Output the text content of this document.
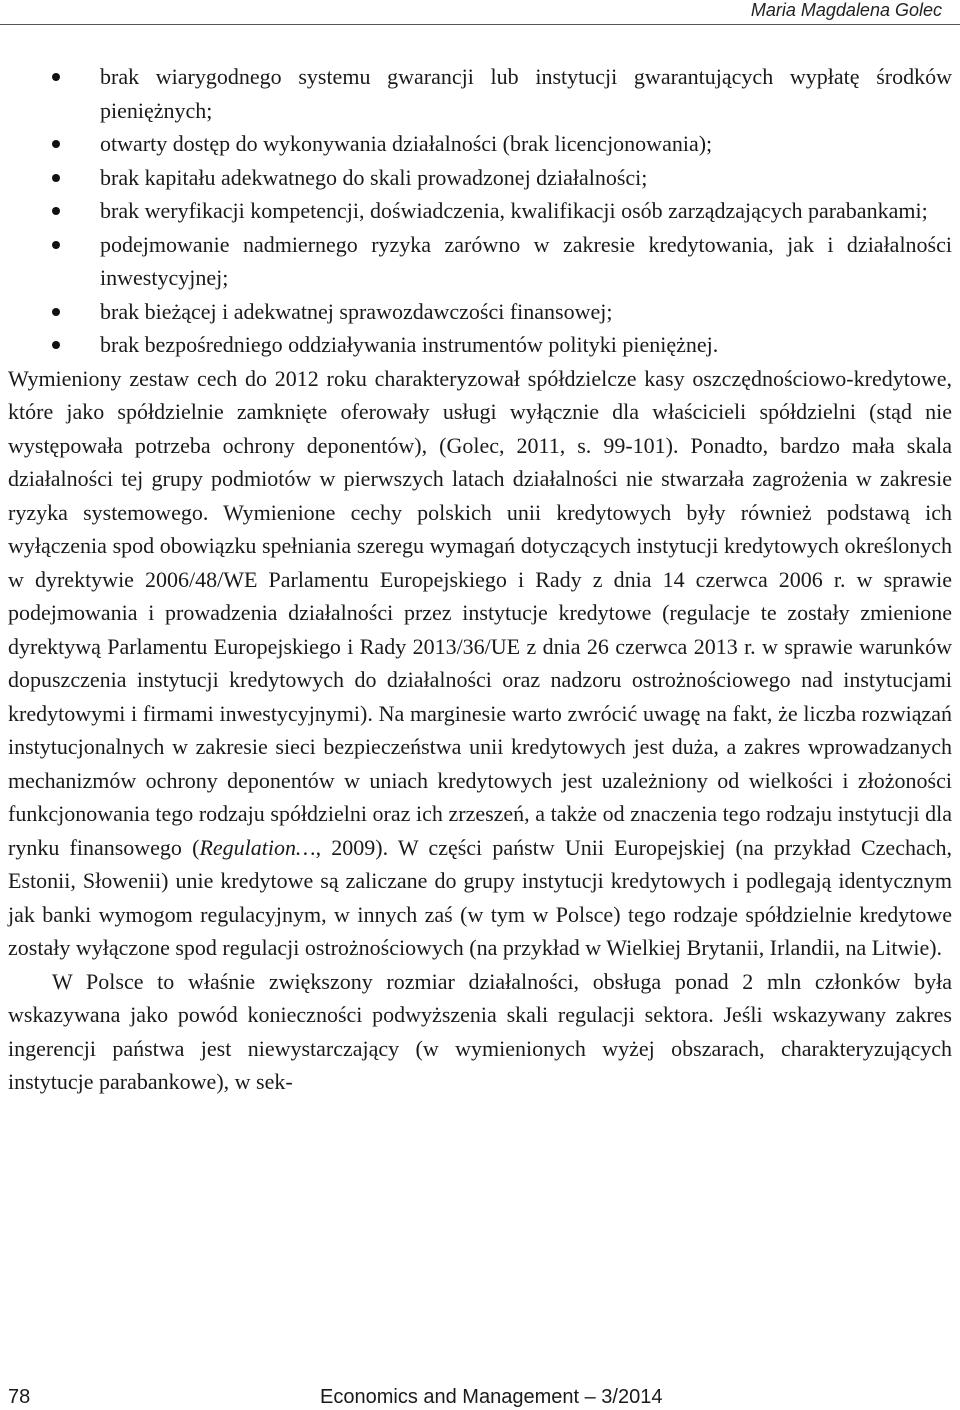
Maria Magdalena Golec
brak wiarygodnego systemu gwarancji lub instytucji gwarantujących wypłatę środków pieniężnych;
otwarty dostęp do wykonywania działalności (brak licencjonowania);
brak kapitału adekwatnego do skali prowadzonej działalności;
brak weryfikacji kompetencji, doświadczenia, kwalifikacji osób zarządzających parabankami;
podejmowanie nadmiernego ryzyka zarówno w zakresie kredytowania, jak i działalności inwestycyjnej;
brak bieżącej i adekwatnej sprawozdawczości finansowej;
brak bezpośredniego oddziaływania instrumentów polityki pieniężnej.

Wymieniony zestaw cech do 2012 roku charakteryzował spółdzielcze kasy oszczędnościowo-kredytowe, które jako spółdzielnie zamknięte oferowały usługi wyłącznie dla właścicieli spółdzielni (stąd nie występowała potrzeba ochrony deponentów), (Golec, 2011, s. 99-101). Ponadto, bardzo mała skala działalności tej grupy podmiotów w pierwszych latach działalności nie stwarzała zagrożenia w zakresie ryzyka systemowego. Wymienione cechy polskich unii kredytowych były również podstawą ich wyłączenia spod obowiązku spełniania szeregu wymagań dotyczących instytucji kredytowych określonych w dyrektywie 2006/48/WE Parlamentu Europejskiego i Rady z dnia 14 czerwca 2006 r. w sprawie podejmowania i prowadzenia działalności przez instytucje kredytowe (regulacje te zostały zmienione dyrektywą Parlamentu Europejskiego i Rady 2013/36/UE z dnia 26 czerwca 2013 r. w sprawie warunków dopuszczenia instytucji kredytowych do działalności oraz nadzoru ostrożnościowego nad instytucjami kredytowymi i firmami inwestycyjnymi). Na marginesie warto zwrócić uwagę na fakt, że liczba rozwiązań instytucjonalnych w zakresie sieci bezpieczeństwa unii kredytowych jest duża, a zakres wprowadzanych mechanizmów ochrony deponentów w uniach kredytowych jest uzależniony od wielkości i złożoności funkcjonowania tego rodzaju spółdzielni oraz ich zrzeszeń, a także od znaczenia tego rodzaju instytucji dla rynku finansowego (Regulation…, 2009). W części państw Unii Europejskiej (na przykład Czechach, Estonii, Słowenii) unie kredytowe są zaliczane do grupy instytucji kredytowych i podlegają identycznym jak banki wymogom regulacyjnym, w innych zaś (w tym w Polsce) tego rodzaje spółdzielnie kredytowe zostały wyłączone spod regulacji ostrożnościowych (na przykład w Wielkiej Brytanii, Irlandii, na Litwie).

W Polsce to właśnie zwiększony rozmiar działalności, obsługa ponad 2 mln członków była wskazywana jako powód konieczności podwyższenia skali regulacji sektora. Jeśli wskazywany zakres ingerencji państwa jest niewystarczający (w wymienionych wyżej obszarach, charakteryzujących instytucje parabankowe), w sek-

78	Economics and Management – 3/2014
